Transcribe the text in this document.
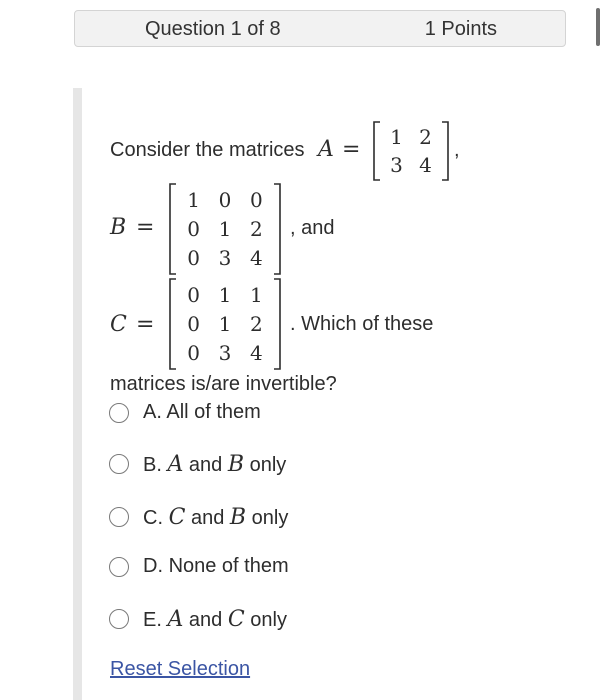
Question 1 of 8	1 Points
Consider the matrices A = 1 2
3 4
,
B =
1 0 0
0 1 2
0 3 4
, and
C =
0 1 1
0 1 2
0 3 4
. Which of these
matrices is/are invertible?
A. All of them
B. A and B only
C. C and B only
D. None of them
E. A and C only
Reset Selection
